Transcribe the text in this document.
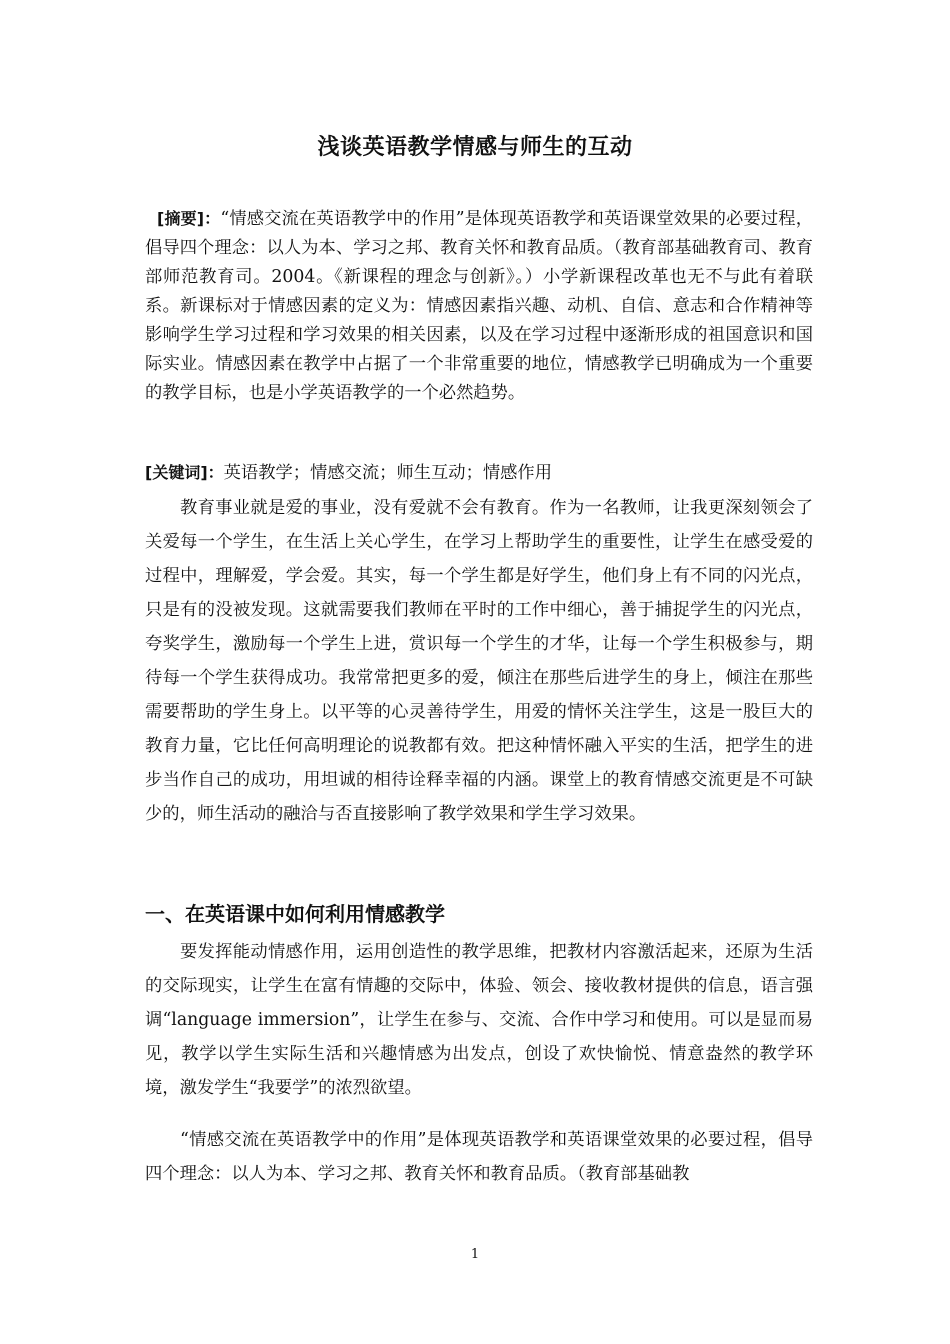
浅谈英语教学情感与师生的互动
[摘要]：“情感交流在英语教学中的作用”是体现英语教学和英语课堂效果的必要过程，倡导四个理念：以人为本、学习之邦、教育关怀和教育品质。（教育部基础教育司、教育部师范教育司。2004。《新课程的理念与创新》。）小学新课程改革也无不与此有着联系。新课标对于情感因素的定义为：情感因素指兴趣、动机、自信、意志和合作精神等影响学生学习过程和学习效果的相关因素，以及在学习过程中逐渐形成的祖国意识和国际实业。情感因素在教学中占据了一个非常重要的地位，情感教学已明确成为一个重要的教学目标，也是小学英语教学的一个必然趋势。
[关键词]：英语教学；情感交流；师生互动；情感作用
教育事业就是爱的事业，没有爱就不会有教育。作为一名教师，让我更深刻领会了关爱每一个学生，在生活上关心学生，在学习上帮助学生的重要性，让学生在感受爱的过程中，理解爱，学会爱。其实，每一个学生都是好学生，他们身上有不同的闪光点，只是有的没被发现。这就需要我们教师在平时的工作中细心，善于捕捉学生的闪光点，夸奖学生，激励每一个学生上进，赏识每一个学生的才华，让每一个学生积极参与，期待每一个学生获得成功。我常常把更多的爱，倾注在那些后进学生的身上，倾注在那些需要帮助的学生身上。以平等的心灵善待学生，用爱的情怀关注学生，这是一股巨大的教育力量，它比任何高明理论的说教都有效。把这种情怀融入平实的生活，把学生的进步当作自己的成功，用坦诚的相待诠释幸福的内涵。课堂上的教育情感交流更是不可缺少的，师生活动的融洽与否直接影响了教学效果和学生学习效果。
一、在英语课中如何利用情感教学
要发挥能动情感作用，运用创造性的教学思维，把教材内容激活起来，还原为生活的交际现实，让学生在富有情趣的交际中，体验、领会、接收教材提供的信息，语言强调“language immersion”，让学生在参与、交流、合作中学习和使用。可以是显而易见，教学以学生实际生活和兴趣情感为出发点，创设了欢快愉悦、情意盎然的教学环境，激发学生“我要学”的浓烈欲望。
“情感交流在英语教学中的作用”是体现英语教学和英语课堂效果的必要过程，倡导四个理念：以人为本、学习之邦、教育关怀和教育品质。（教育部基础教
1
